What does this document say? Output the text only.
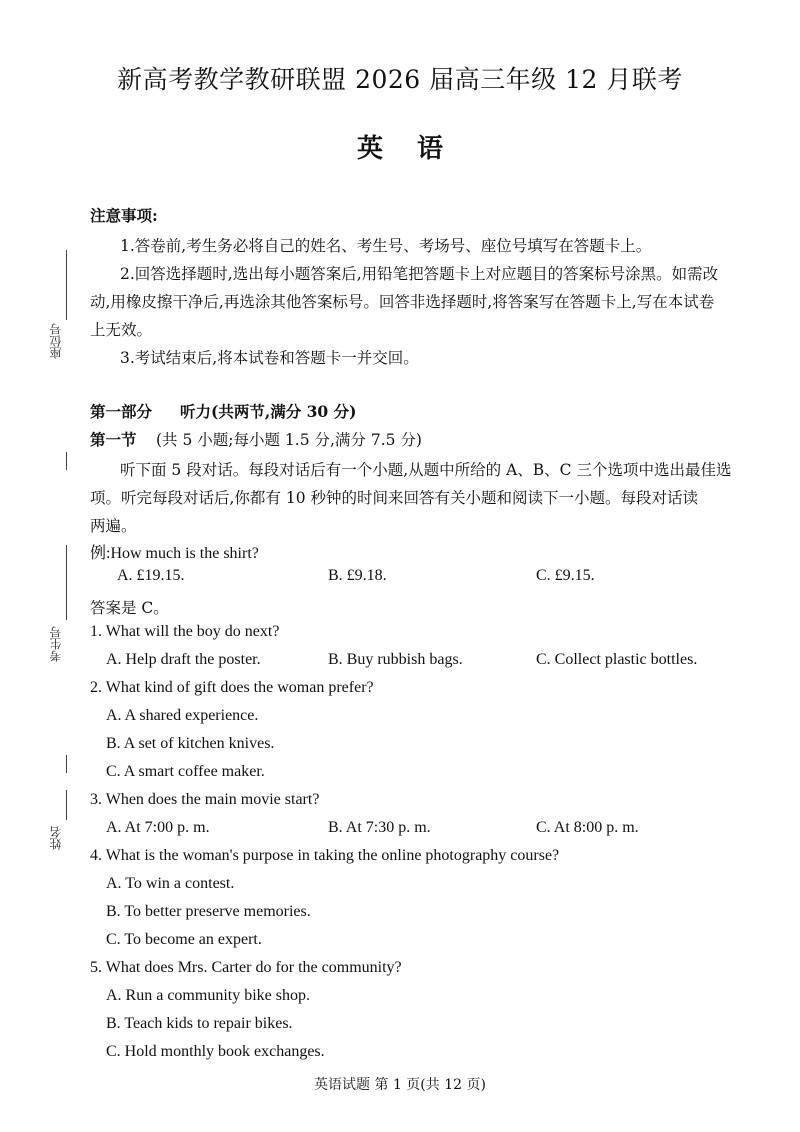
座位号
考生号
姓名
新高考教学教研联盟 2026 届高三年级 12 月联考
英语
注意事项:
1.答卷前,考生务必将自己的姓名、考生号、考场号、座位号填写在答题卡上。
2.回答选择题时,选出每小题答案后,用铅笔把答题卡上对应题目的答案标号涂黑。如需改
动,用橡皮擦干净后,再选涂其他答案标号。回答非选择题时,将答案写在答题卡上,写在本试卷
上无效。
3.考试结束后,将本试卷和答题卡一并交回。
第一部分 听力(共两节,满分 30 分)
第一节 (共 5 小题;每小题 1.5 分,满分 7.5 分)
听下面 5 段对话。每段对话后有一个小题,从题中所给的 A、B、C 三个选项中选出最佳选
项。听完每段对话后,你都有 10 秒钟的时间来回答有关小题和阅读下一小题。每段对话读
两遍。
例:How much is the shirt?
A. £19.15.	B. £9.18.	C. £9.15.
答案是 C。
1. What will the boy do next?
A. Help draft the poster.	B. Buy rubbish bags.	C. Collect plastic bottles.
2. What kind of gift does the woman prefer?
A. A shared experience.
B. A set of kitchen knives.
C. A smart coffee maker.
3. When does the main movie start?
A. At 7:00 p. m.	B. At 7:30 p. m.	C. At 8:00 p. m.
4. What is the woman's purpose in taking the online photography course?
A. To win a contest.
B. To better preserve memories.
C. To become an expert.
5. What does Mrs. Carter do for the community?
A. Run a community bike shop.
B. Teach kids to repair bikes.
C. Hold monthly book exchanges.
英语试题 第 1 页(共 12 页)
